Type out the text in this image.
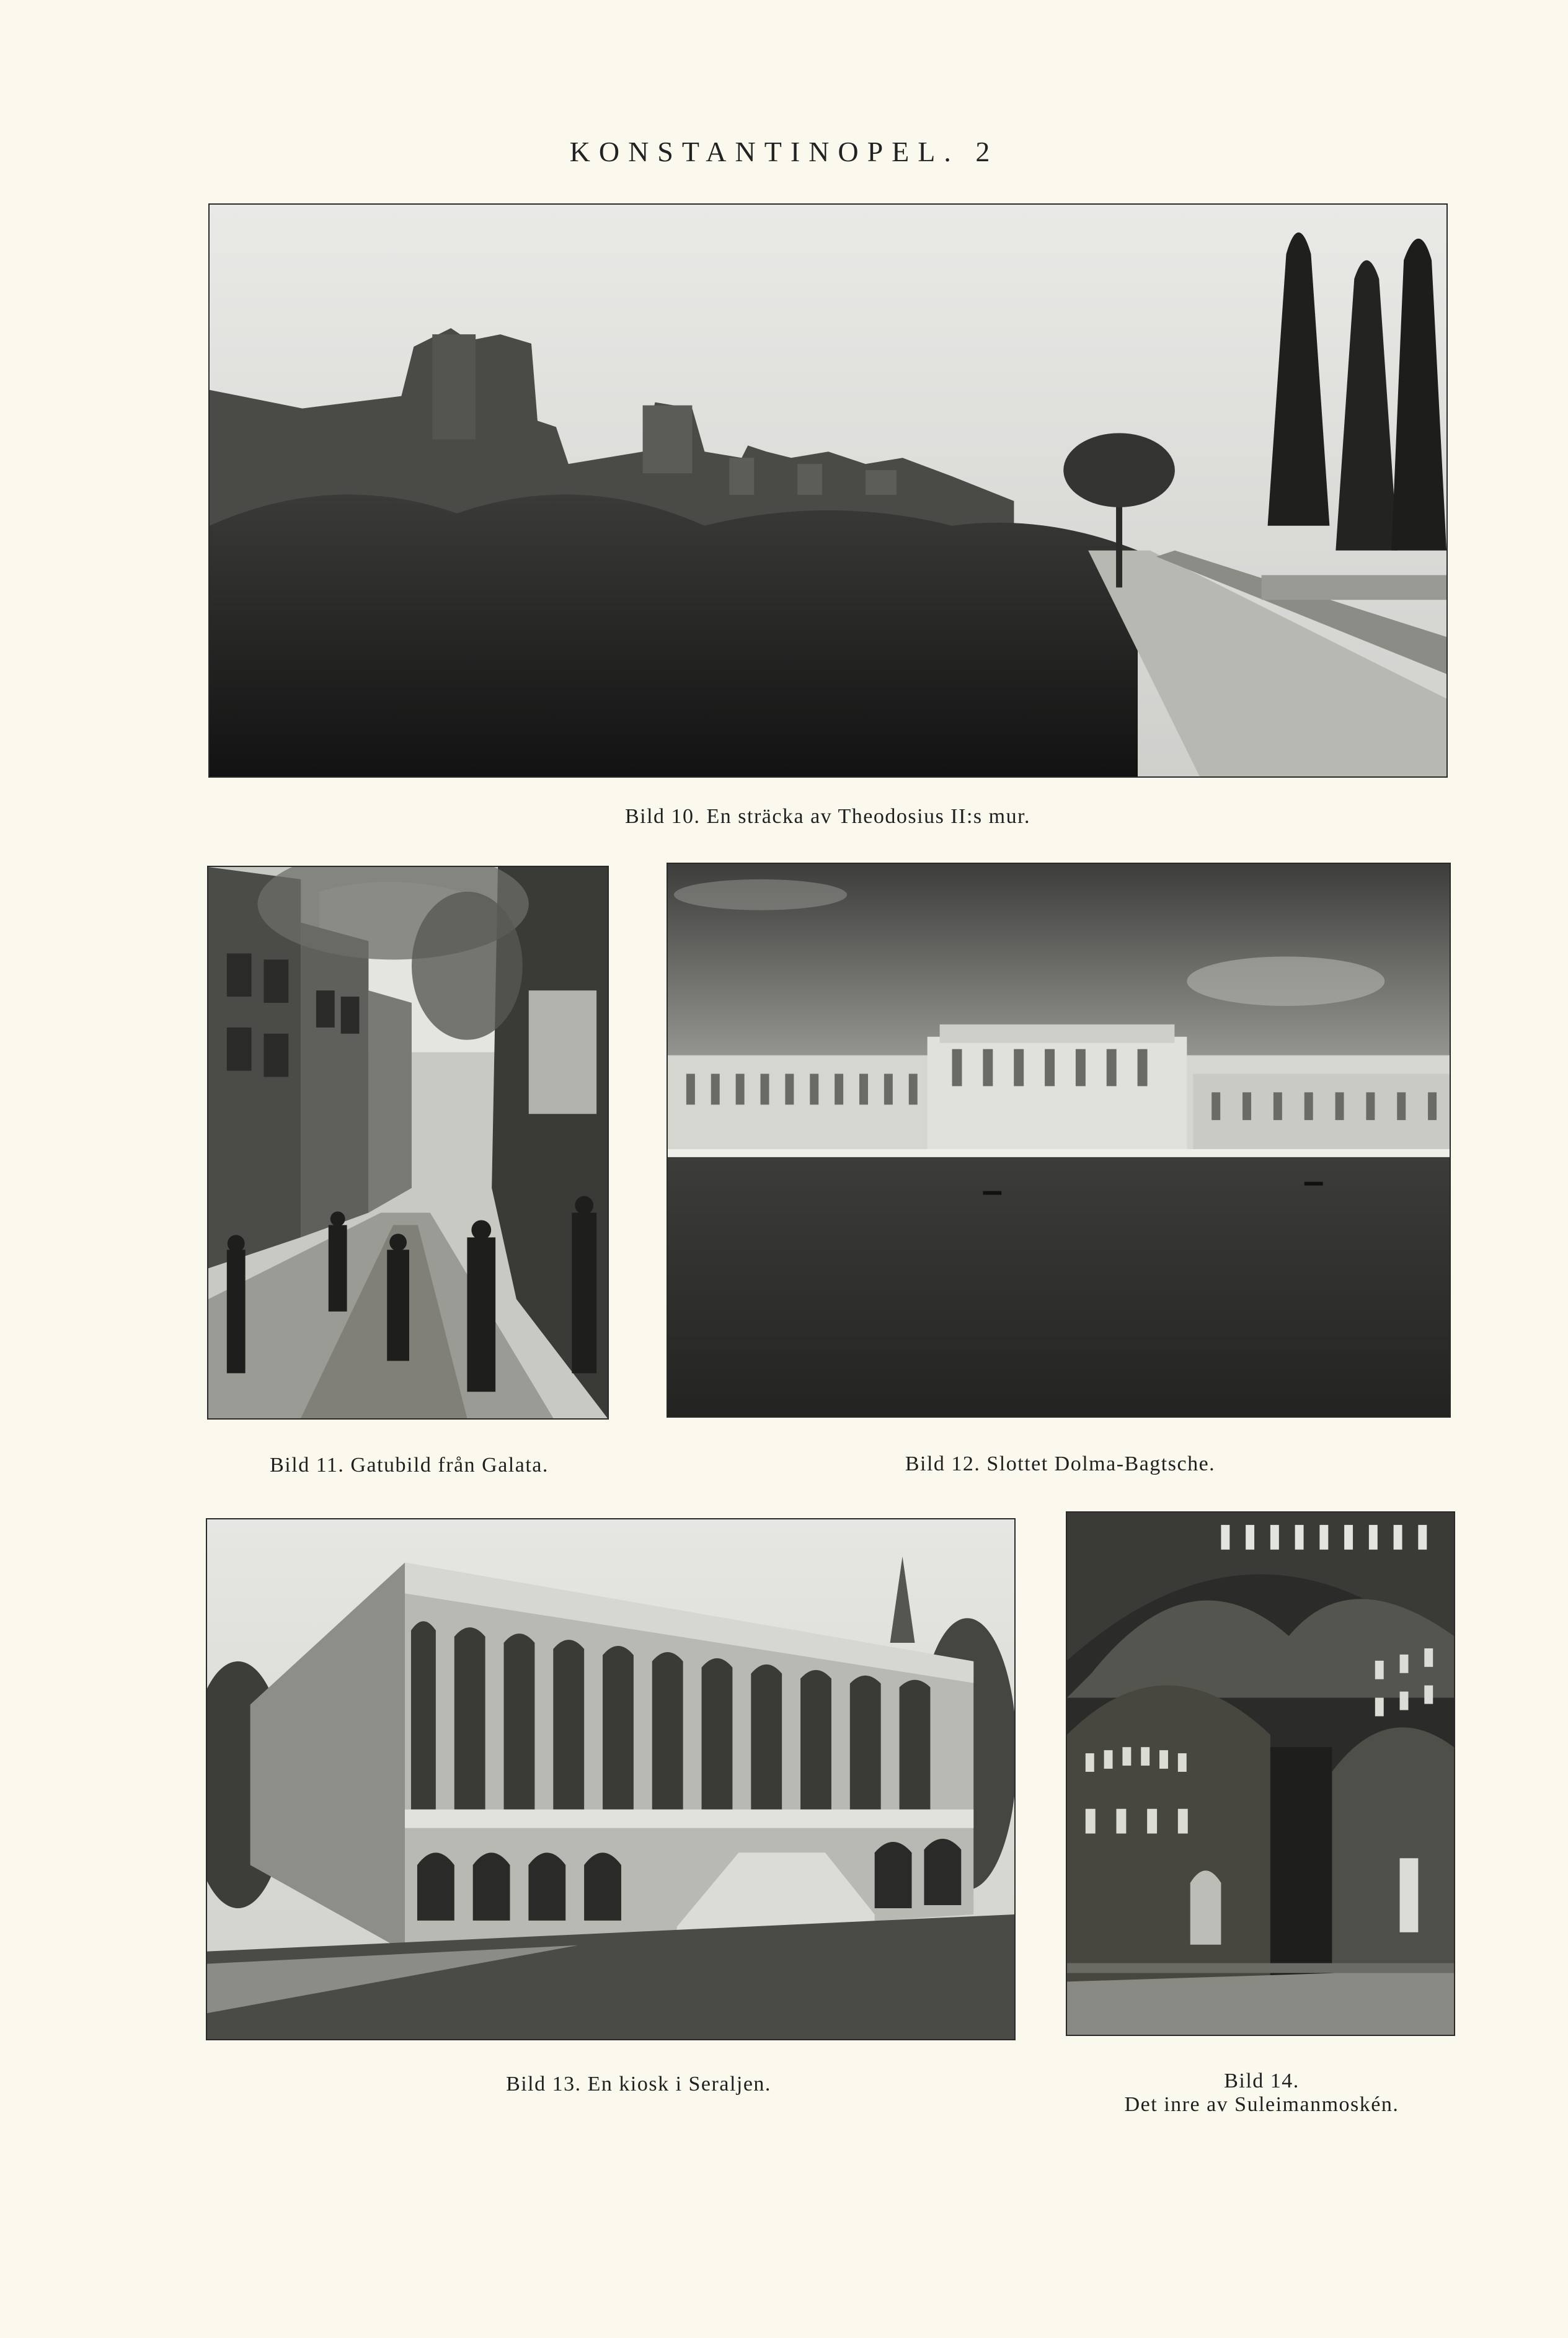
KONSTANTINOPEL. 2
Bild 10. En sträcka av Theodosius II:s mur.
Bild 11. Gatubild från Galata.	Bild 12. Slottet Dolma-Bagtsche.
Bild 13. En kiosk i Seraljen.	Bild 14.
Det inre av Suleimanmoskén.
